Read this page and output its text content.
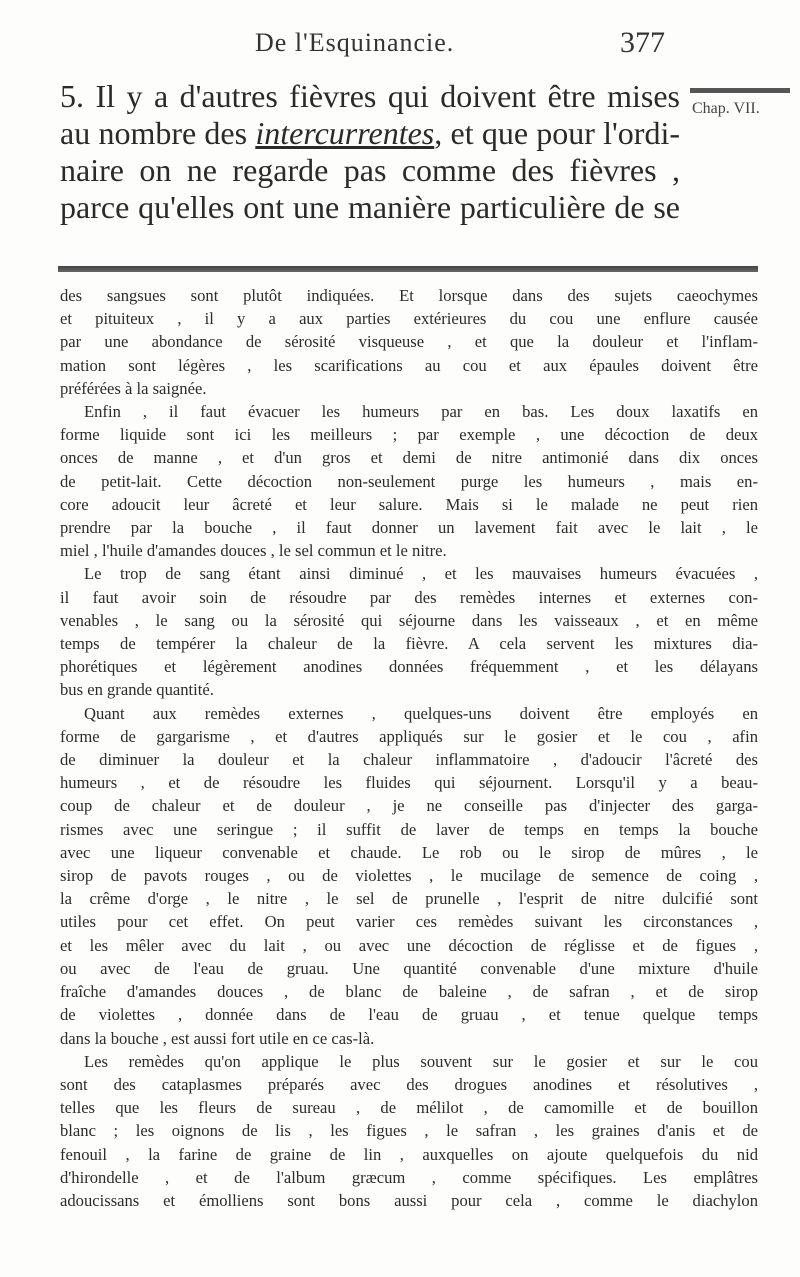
De l'Esquinancie.	377
Chap. VII.
5. Il y a d'autres fièvres qui doivent être mises
au nombre des intercurrentes, et que pour l'ordi-
naire on ne regarde pas comme des fièvres ,
parce qu'elles ont une manière particulière de se
des sangsues sont plutôt indiquées. Et lorsque dans des sujets caeochymes
et pituiteux , il y a aux parties extérieures du cou une enflure causée
par une abondance de sérosité visqueuse , et que la douleur et l'inflam-
mation sont légères , les scarifications au cou et aux épaules doivent être
préférées à la saignée.
Enfin , il faut évacuer les humeurs par en bas. Les doux laxatifs en
forme liquide sont ici les meilleurs ; par exemple , une décoction de deux
onces de manne , et d'un gros et demi de nitre antimonié dans dix onces
de petit-lait. Cette décoction non-seulement purge les humeurs , mais en-
core adoucit leur âcreté et leur salure. Mais si le malade ne peut rien
prendre par la bouche , il faut donner un lavement fait avec le lait , le
miel , l'huile d'amandes douces , le sel commun et le nitre.
Le trop de sang étant ainsi diminué , et les mauvaises humeurs évacuées ,
il faut avoir soin de résoudre par des remèdes internes et externes con-
venables , le sang ou la sérosité qui séjourne dans les vaisseaux , et en même
temps de tempérer la chaleur de la fièvre. A cela servent les mixtures dia-
phorétiques et légèrement anodines données fréquemment , et les délayans
bus en grande quantité.
Quant aux remèdes externes , quelques-uns doivent être employés en
forme de gargarisme , et d'autres appliqués sur le gosier et le cou , afin
de diminuer la douleur et la chaleur inflammatoire , d'adoucir l'âcreté des
humeurs , et de résoudre les fluides qui séjournent. Lorsqu'il y a beau-
coup de chaleur et de douleur , je ne conseille pas d'injecter des garga-
rismes avec une seringue ; il suffit de laver de temps en temps la bouche
avec une liqueur convenable et chaude. Le rob ou le sirop de mûres , le
sirop de pavots rouges , ou de violettes , le mucilage de semence de coing ,
la crême d'orge , le nitre , le sel de prunelle , l'esprit de nitre dulcifié sont
utiles pour cet effet. On peut varier ces remèdes suivant les circonstances ,
et les mêler avec du lait , ou avec une décoction de réglisse et de figues ,
ou avec de l'eau de gruau. Une quantité convenable d'une mixture d'huile
fraîche d'amandes douces , de blanc de baleine , de safran , et de sirop
de violettes , donnée dans de l'eau de gruau , et tenue quelque temps
dans la bouche , est aussi fort utile en ce cas-là.
Les remèdes qu'on applique le plus souvent sur le gosier et sur le cou
sont des cataplasmes préparés avec des drogues anodines et résolutives ,
telles que les fleurs de sureau , de mélilot , de camomille et de bouillon
blanc ; les oignons de lis , les figues , le safran , les graines d'anis et de
fenouil , la farine de graine de lin , auxquelles on ajoute quelquefois du nid
d'hirondelle , et de l'album græcum , comme spécifiques. Les emplâtres
adoucissans et émolliens sont bons aussi pour cela , comme le diachylon
